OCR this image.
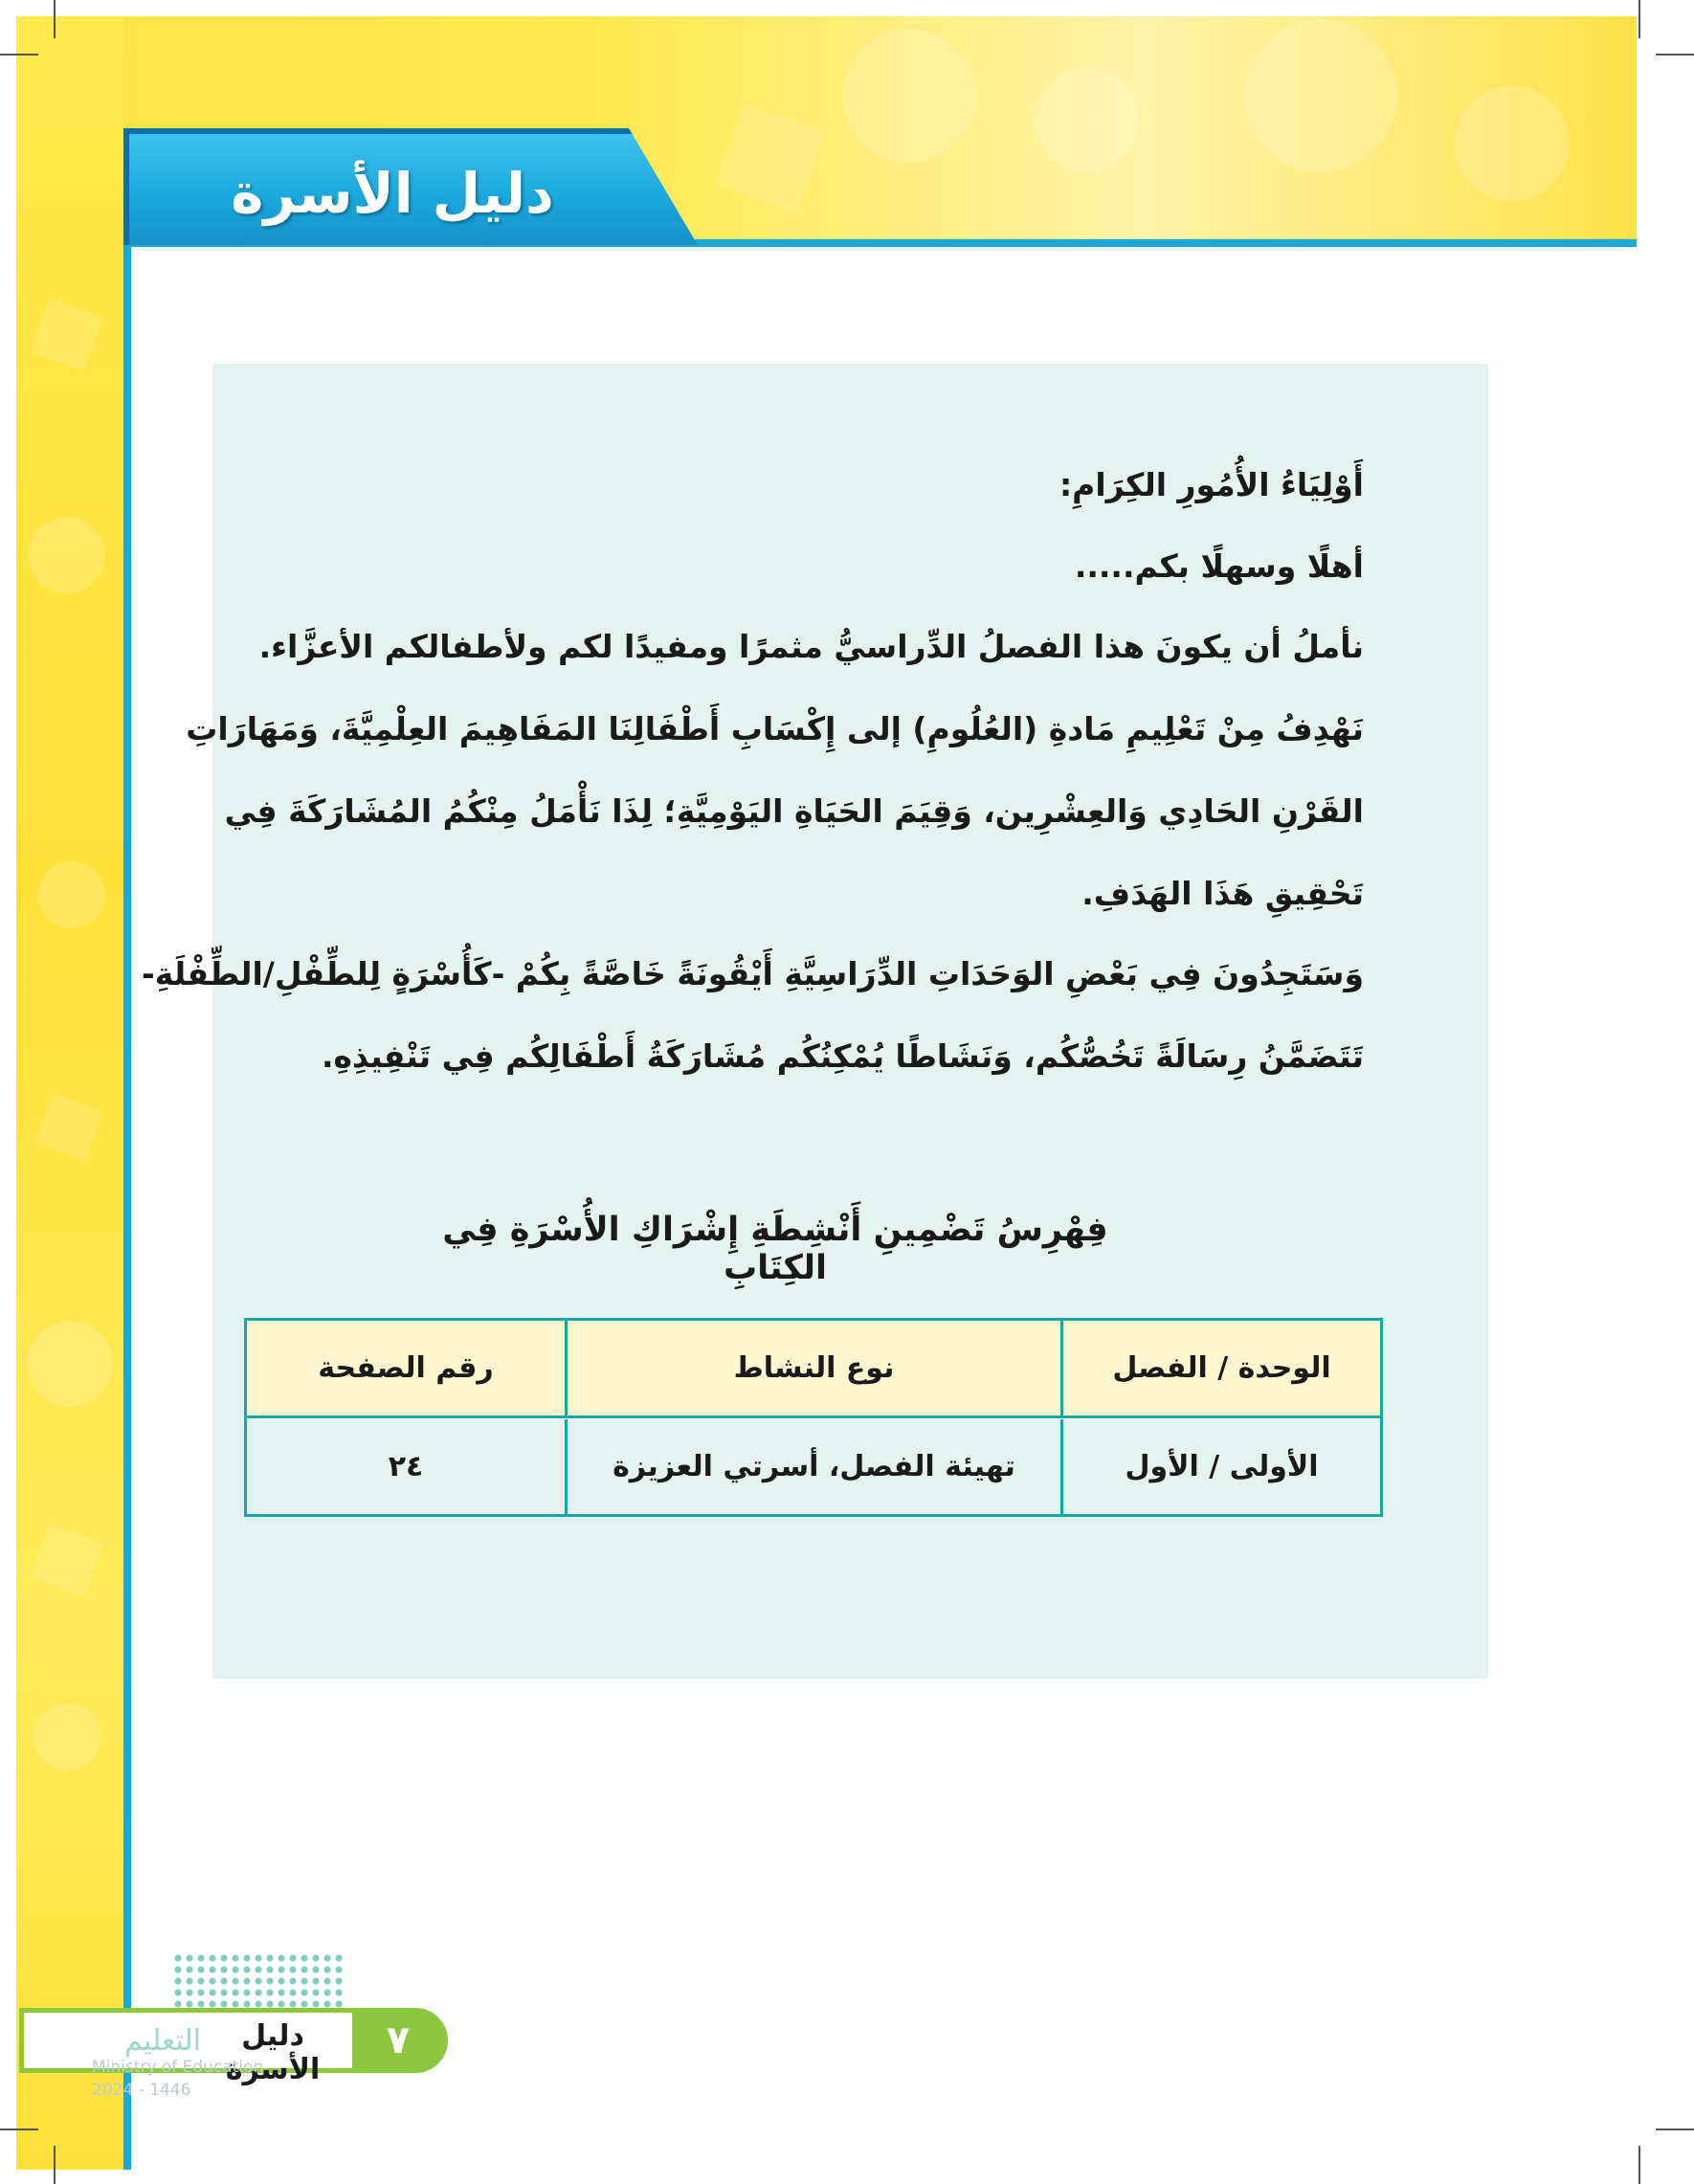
دليل الأسرة
أَوْلِيَاءُ الأُمُورِ الكِرَامِ:
أهلًا وسهلًا بكم.....
نأملُ أن يكونَ هذا الفصلُ الدِّراسيُّ مثمرًا ومفيدًا لكم ولأطفالكم الأعزَّاء.
نَهْدِفُ مِنْ تَعْلِيمِ مَادةِ (العُلُومِ) إلى إِكْسَابِ أَطْفَالِنَا المَفَاهِيمَ العِلْمِيَّةَ، وَمَهَارَاتِ
القَرْنِ الحَادِي وَالعِشْرِين، وَقِيَمَ الحَيَاةِ اليَوْمِيَّةِ؛ لِذَا نَأْمَلُ مِنْكُمُ المُشَارَكَةَ فِي
تَحْقِيقِ هَذَا الهَدَفِ.
وَسَتَجِدُونَ فِي بَعْضِ الوَحَدَاتِ الدِّرَاسِيَّةِ أَيْقُونَةً خَاصَّةً بِكُمْ -كَأُسْرَةٍ لِلطِّفْلِ/الطِّفْلَةِ-
تَتَضَمَّنُ رِسَالَةً تَخُصُّكُم، وَنَشَاطًا يُمْكِنُكُم مُشَارَكَةُ أَطْفَالِكُم فِي تَنْفِيذِهِ.
فِهْرِسُ تَضْمِينِ أَنْشِطَةِ إِشْرَاكِ الأُسْرَةِ فِي الكِتَابِ
الوحدة / الفصل
نوع النشاط
رقم الصفحة
الأولى / الأول
تهيئة الفصل، أسرتي العزيزة
٢٤
التعليم	دليل الأسرة
٧
Ministry of Education
2024 - 1446
